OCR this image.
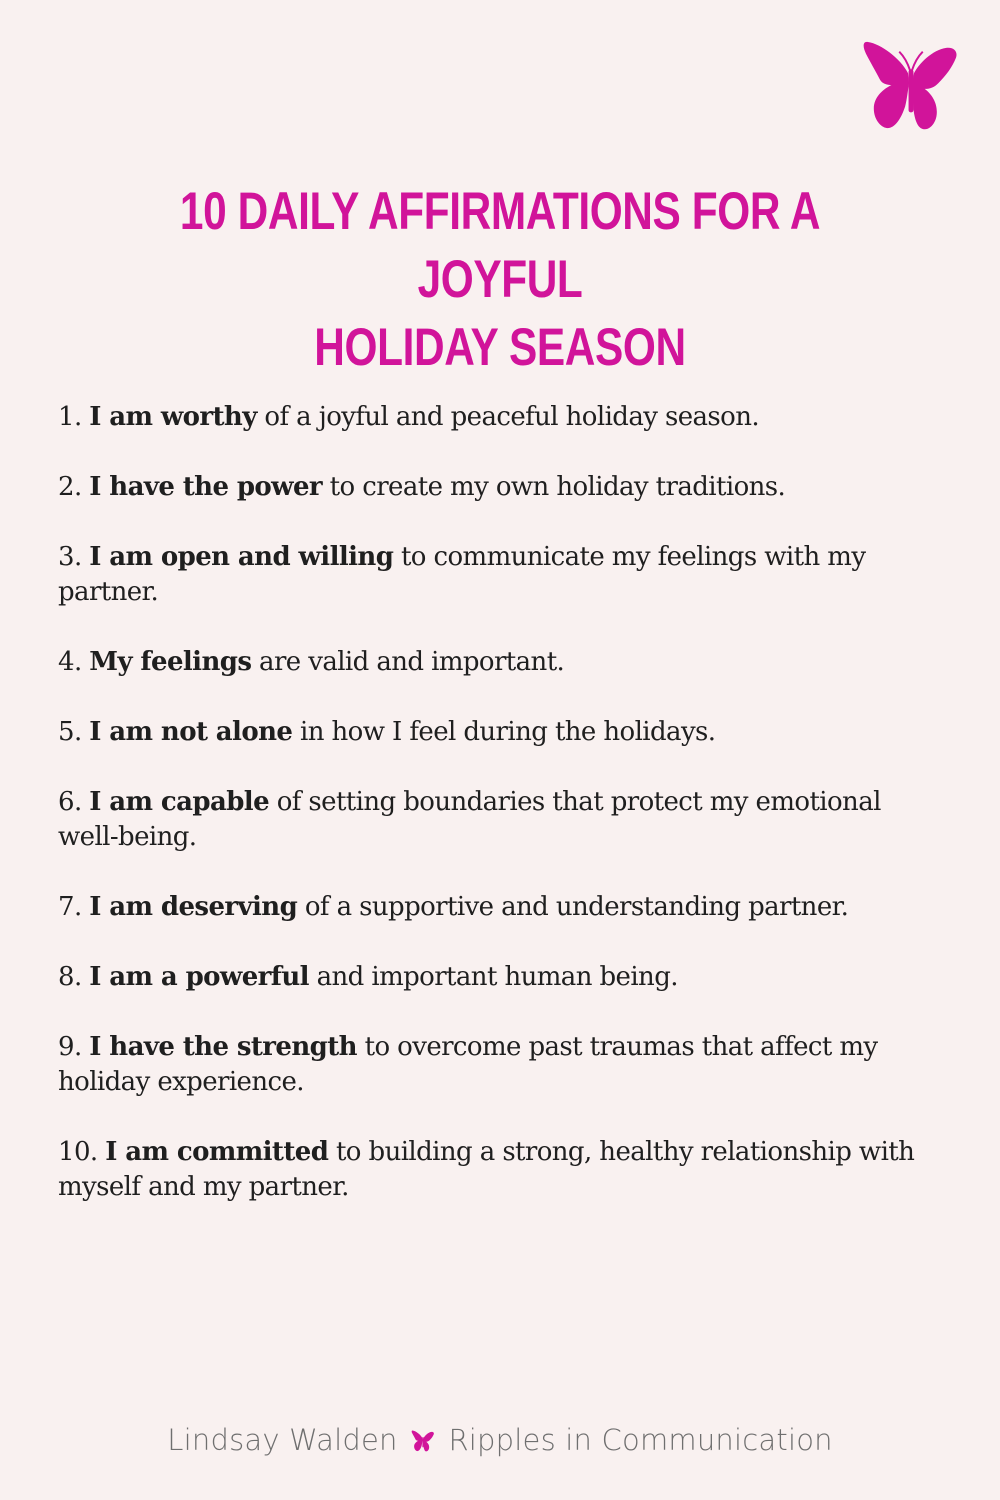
10 DAILY AFFIRMATIONS FOR A JOYFUL
HOLIDAY SEASON
1. I am worthy of a joyful and peaceful holiday season.
2. I have the power to create my own holiday traditions.
3. I am open and willing to communicate my feelings with my partner.
4. My feelings are valid and important.
5. I am not alone in how I feel during the holidays.
6. I am capable of setting boundaries that protect my emotional well-being.
7. I am deserving of a supportive and understanding partner.
8. I am a powerful and important human being.
9. I have the strength to overcome past traumas that affect my holiday experience.
10. I am committed to building a strong, healthy relationship with myself and my partner.
Lindsay Walden Ripples in Communication
